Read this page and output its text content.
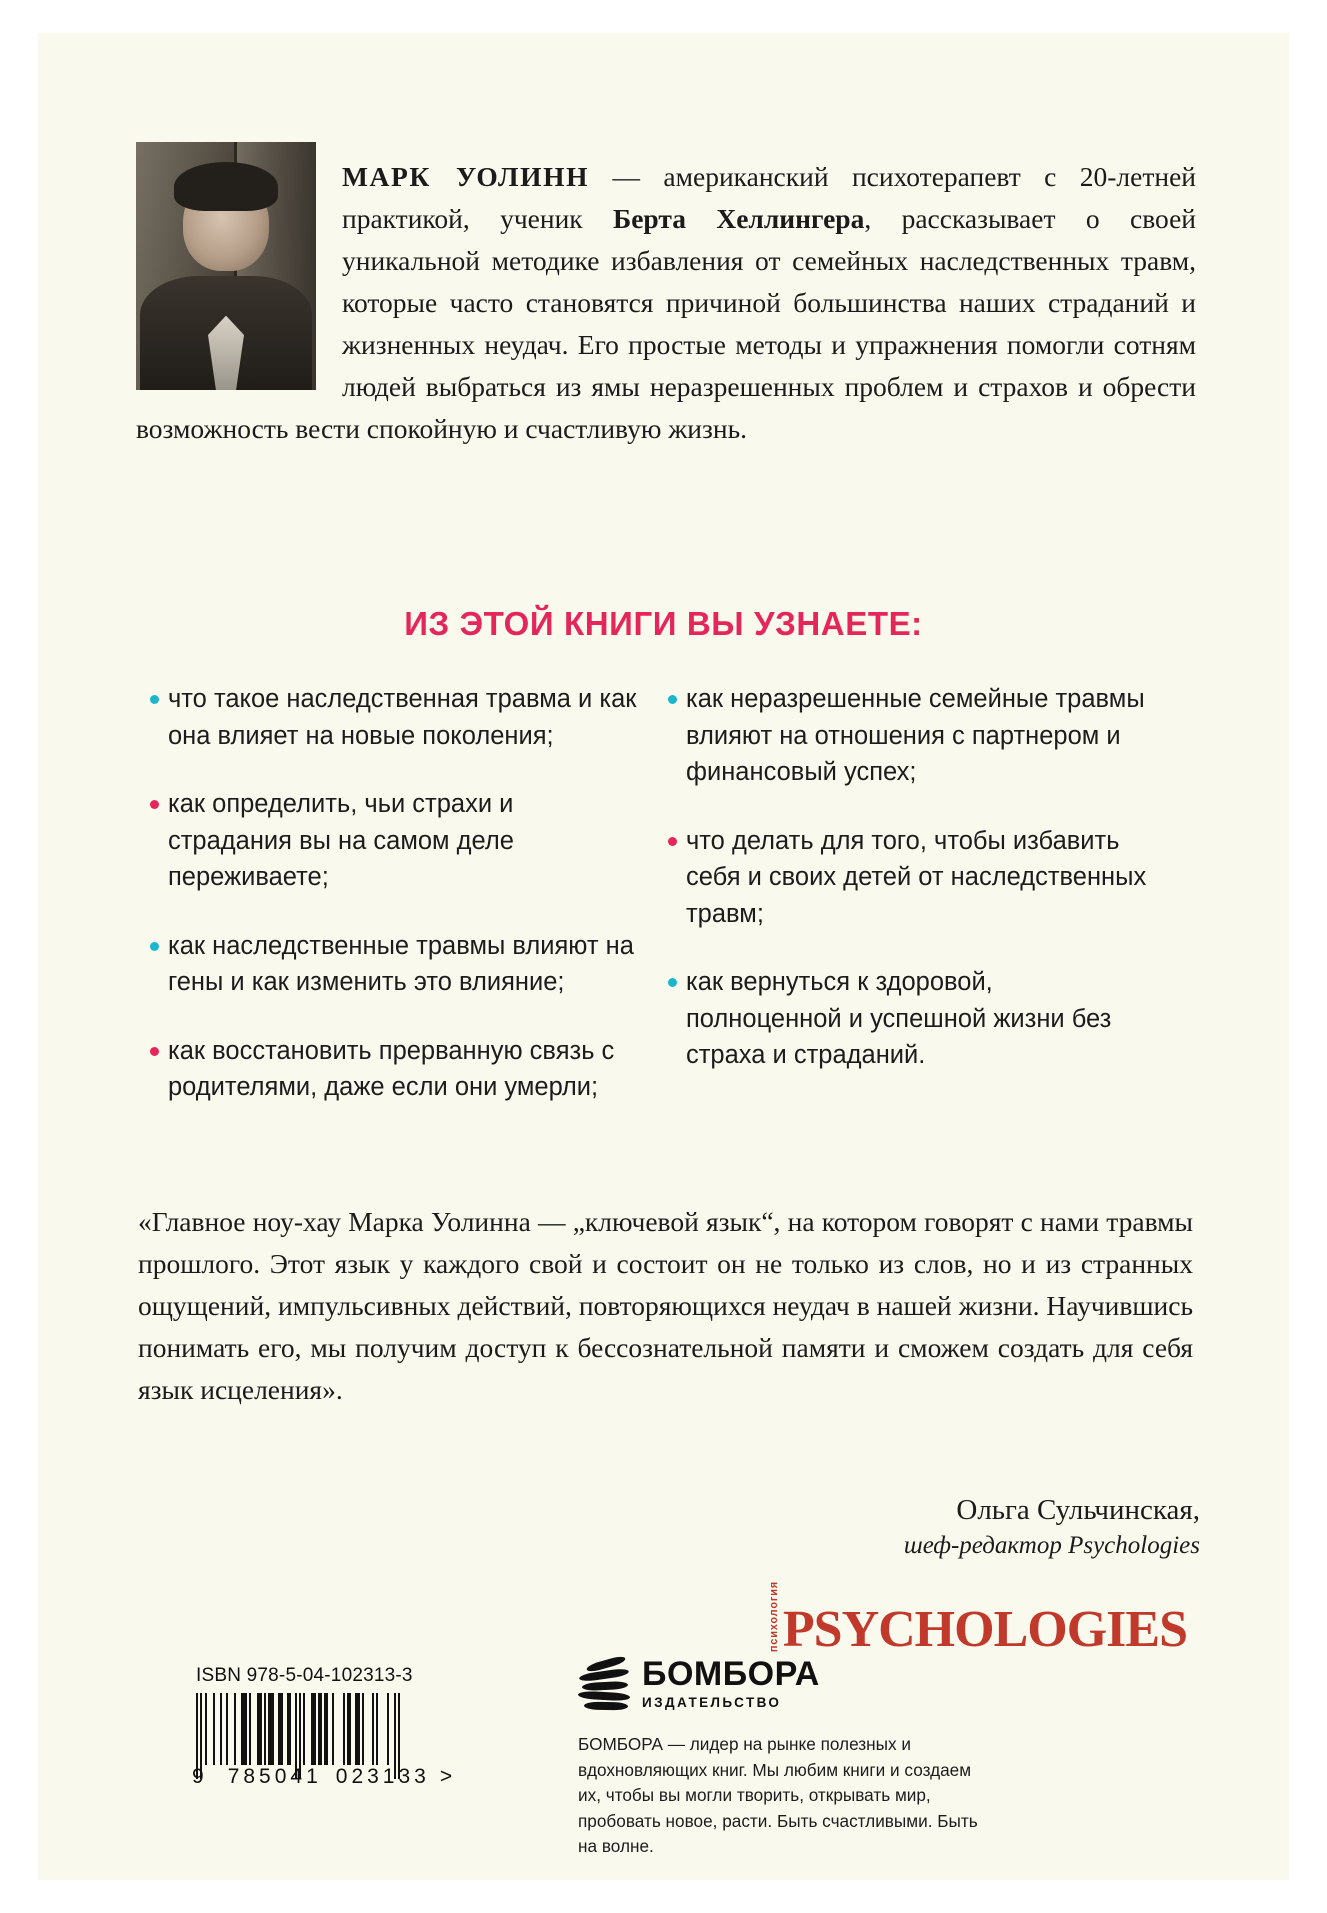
МАРК УОЛИНН — американский психотерапевт с 20-летней практикой, ученик Берта Хеллингера, рассказывает о своей уникальной методике избавления от семейных наследственных травм, которые часто становятся причиной большинства наших страданий и жизненных неудач. Его простые методы и упражнения помогли сотням людей выбраться из ямы неразрешенных проблем и страхов и обрести возможность вести спокойную и счастливую жизнь.

ИЗ ЭТОЙ КНИГИ ВЫ УЗНАЕТЕ:
что такое наследственная травма и как она влияет на новые поколения;
как определить, чьи страхи и страдания вы на самом деле переживаете;
как наследственные травмы влияют на гены и как изменить это влияние;
как восстановить прерванную связь с родителями, даже если они умерли;
как неразрешенные семейные травмы влияют на отношения с партнером и финансовый успех;
что делать для того, чтобы избавить себя и своих детей от наследственных травм;
как вернуться к здоровой, полноценной и успешной жизни без страха и страданий.
«Главное ноу-хау Марка Уолинна — „ключевой язык“, на котором говорят с нами травмы прошлого. Этот язык у каждого свой и состоит он не только из слов, но и из странных ощущений, импульсивных действий, повторяющихся неудач в нашей жизни. Научившись понимать его, мы получим доступ к бессознательной памяти и сможем создать для себя язык исцеления».
Ольга Сульчинская,
шеф-редактор Psychologies
психология PSYCHOLOGIES
ISBN 978-5-04-102313-3
9 785041 023133 >
БОМБОРА
ИЗДАТЕЛЬСТВО
БОМБОРА — лидер на рынке полезных и вдохновляющих книг. Мы любим книги и создаем их, чтобы вы могли творить, открывать мир, пробовать новое, расти. Быть счастливыми. Быть на волне.
